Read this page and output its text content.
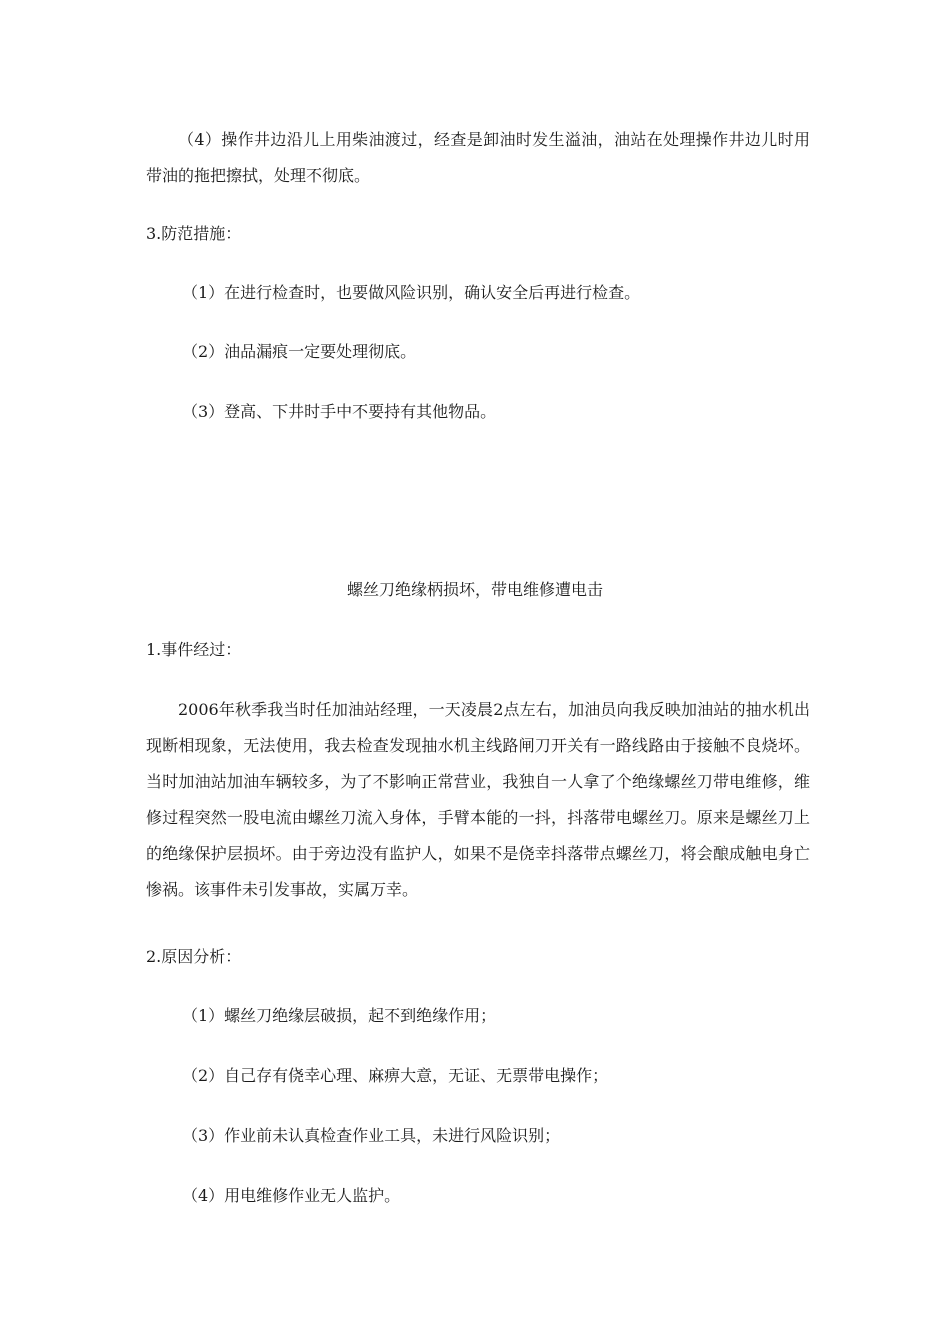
（4）操作井边沿儿上用柴油渡过，经查是卸油时发生溢油，油站在处理操作井边儿时用带油的拖把擦拭，处理不彻底。
3.防范措施：
（1）在进行检查时，也要做风险识别，确认安全后再进行检查。
（2）油品漏痕一定要处理彻底。
（3）登高、下井时手中不要持有其他物品。
螺丝刀绝缘柄损坏，带电维修遭电击
1.事件经过：
2006年秋季我当时任加油站经理，一天凌晨2点左右，加油员向我反映加油站的抽水机出现断相现象，无法使用，我去检查发现抽水机主线路闸刀开关有一路线路由于接触不良烧坏。当时加油站加油车辆较多，为了不影响正常营业，我独自一人拿了个绝缘螺丝刀带电维修，维修过程突然一股电流由螺丝刀流入身体，手臂本能的一抖，抖落带电螺丝刀。原来是螺丝刀上的绝缘保护层损坏。由于旁边没有监护人，如果不是侥幸抖落带点螺丝刀，将会酿成触电身亡惨祸。该事件未引发事故，实属万幸。
2.原因分析：
（1）螺丝刀绝缘层破损，起不到绝缘作用；
（2）自己存有侥幸心理、麻痹大意，无证、无票带电操作；
（3）作业前未认真检查作业工具，未进行风险识别；
（4）用电维修作业无人监护。
